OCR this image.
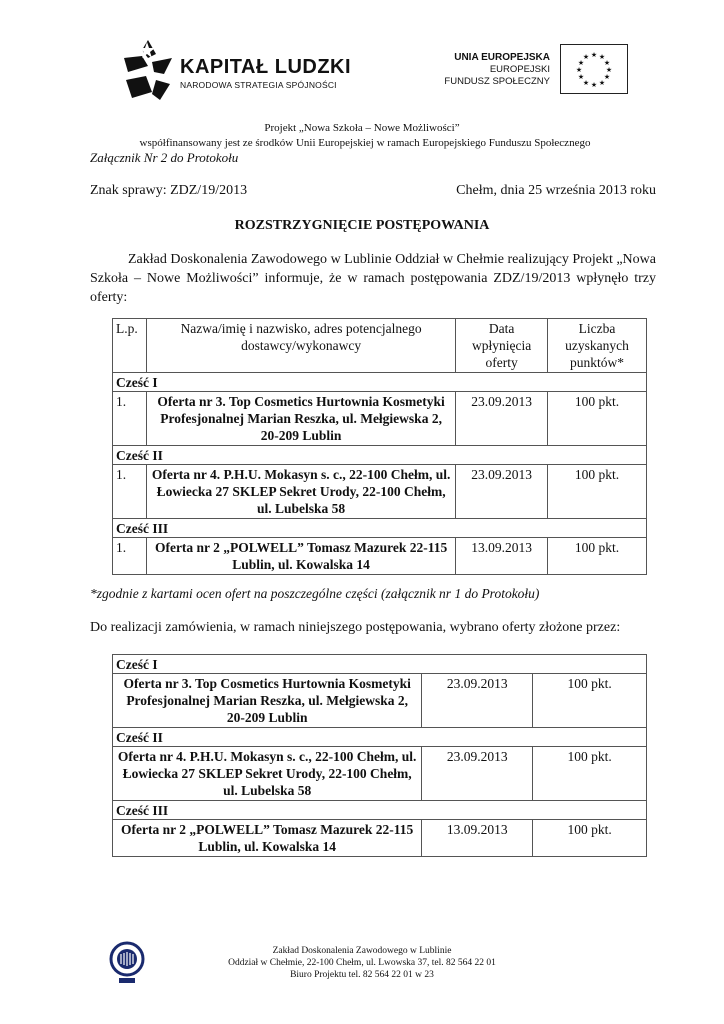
KAPITAŁ LUDZKI
NARODOWA STRATEGIA SPÓJNOŚCI
UNIA EUROPEJSKA
EUROPEJSKI
FUNDUSZ SPOŁECZNY
★ ★
★
★
★
★
★
★
★
★
★
★
Projekt „Nowa Szkoła – Nowe Możliwości”
współfinansowany jest ze środków Unii Europejskiej w ramach Europejskiego Funduszu Społecznego
Załącznik Nr 2 do Protokołu
Znak sprawy: ZDZ/19/2013	Chełm, dnia 25 września 2013 roku
ROZSTRZYGNIĘCIE POSTĘPOWANIA
Zakład Doskonalenia Zawodowego w Lublinie Oddział w Chełmie realizujący Projekt „Nowa Szkoła – Nowe Możliwości” informuje, że w ramach postępowania ZDZ/19/2013 wpłynęło trzy oferty:
L.p.	Nazwa/imię i nazwisko, adres potencjalnego dostawcy/wykonawcy	Data wpłynięcia oferty	Liczba uzyskanych punktów*
Cześć I			
1.	Oferta nr 3. Top Cosmetics Hurtownia Kosmetyki Profesjonalnej Marian Reszka, ul. Mełgiewska 2, 20-209 Lublin	23.09.2013	100 pkt.
Cześć II			
1.	Oferta nr 4. P.H.U. Mokasyn s. c., 22-100 Chełm, ul. Łowiecka 27 SKLEP Sekret Urody, 22-100 Chełm, ul. Lubelska 58	23.09.2013	100 pkt.
Cześć III			
1.	Oferta nr 2 „POLWELL” Tomasz Mazurek 22-115 Lublin, ul. Kowalska 14	13.09.2013	100 pkt.
*zgodnie z kartami ocen ofert na poszczególne części (załącznik nr 1 do Protokołu)
Do realizacji zamówienia, w ramach niniejszego postępowania, wybrano oferty złożone przez:
Cześć I		
Oferta nr 3. Top Cosmetics Hurtownia Kosmetyki Profesjonalnej Marian Reszka, ul. Mełgiewska 2, 20-209 Lublin	23.09.2013	100 pkt.
Cześć II		
Oferta nr 4. P.H.U. Mokasyn s. c., 22-100 Chełm, ul. Łowiecka 27 SKLEP Sekret Urody, 22-100 Chełm, ul. Lubelska 58	23.09.2013	100 pkt.
Cześć III		
Oferta nr 2 „POLWELL” Tomasz Mazurek 22-115 Lublin, ul. Kowalska 14	13.09.2013	100 pkt.
Zakład Doskonalenia Zawodowego w Lublinie
Oddział w Chełmie, 22-100 Chełm, ul. Lwowska 37, tel. 82 564 22 01
Biuro Projektu tel. 82 564 22 01 w 23
